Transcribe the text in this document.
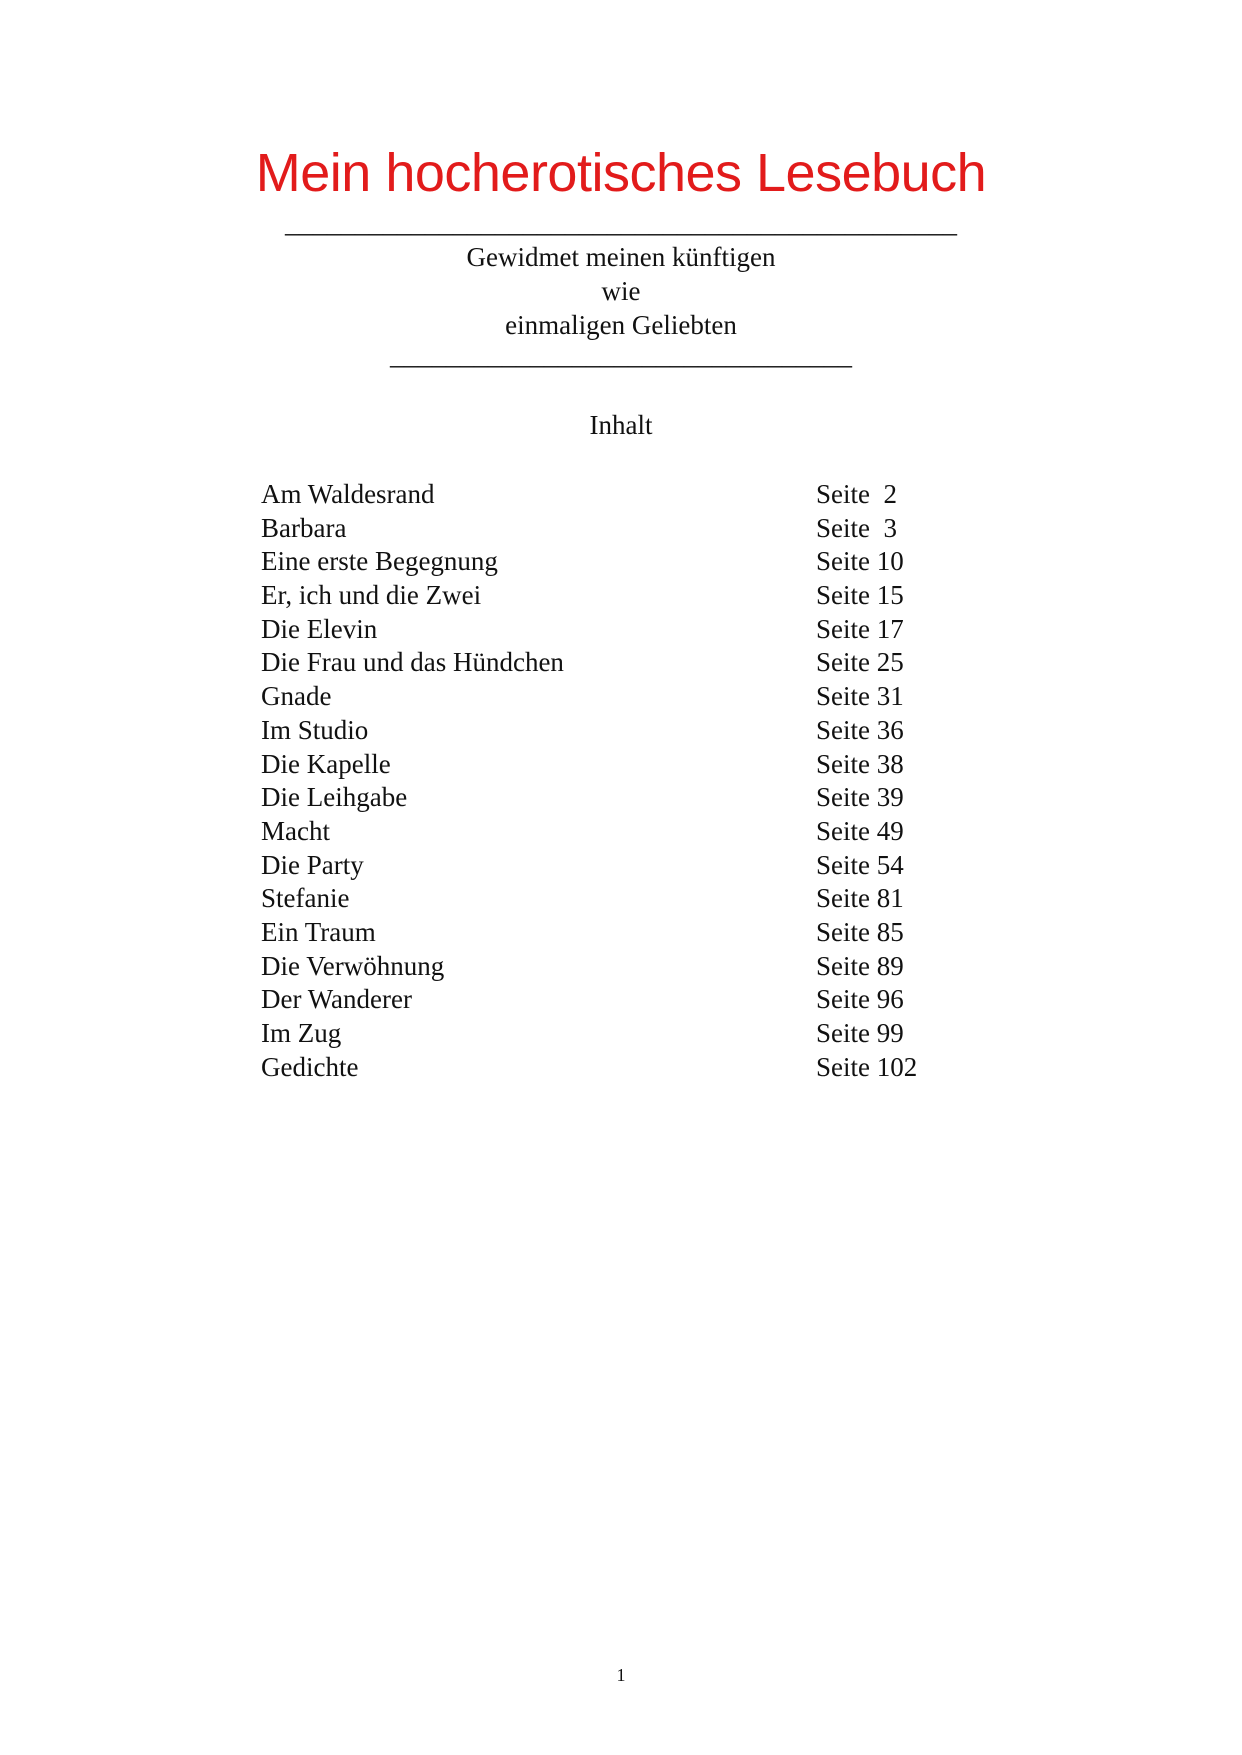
Mein hocherotisches Lesebuch
________________________________________________
Gewidmet meinen künftigen
wie
einmaligen Geliebten
_________________________________
Inhalt
Am Waldesrand	Seite  2
Barbara	Seite  3
Eine erste Begegnung	Seite 10
Er, ich und die Zwei	Seite 15
Die Elevin	Seite 17
Die Frau und das Hündchen	Seite 25
Gnade	Seite 31
Im Studio	Seite 36
Die Kapelle	Seite 38
Die Leihgabe	Seite 39
Macht	Seite 49
Die Party	Seite 54
Stefanie	Seite 81
Ein Traum	Seite 85
Die Verwöhnung	Seite 89
Der Wanderer	Seite 96
Im Zug	Seite 99
Gedichte	Seite 102
1
